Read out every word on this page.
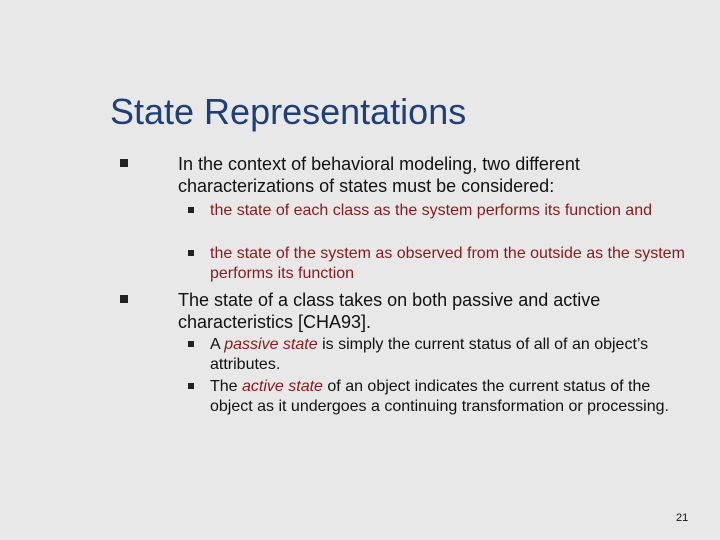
State Representations
In the context of behavioral modeling, two different characterizations of states must be considered:
the state of each class as the system performs its function and
the state of the system as observed from the outside as the system performs its function
The state of a class takes on both passive and active characteristics [CHA93].
A passive state is simply the current status of all of an object’s attributes.
The active state of an object indicates the current status of the object as it undergoes a continuing transformation or processing.
21
